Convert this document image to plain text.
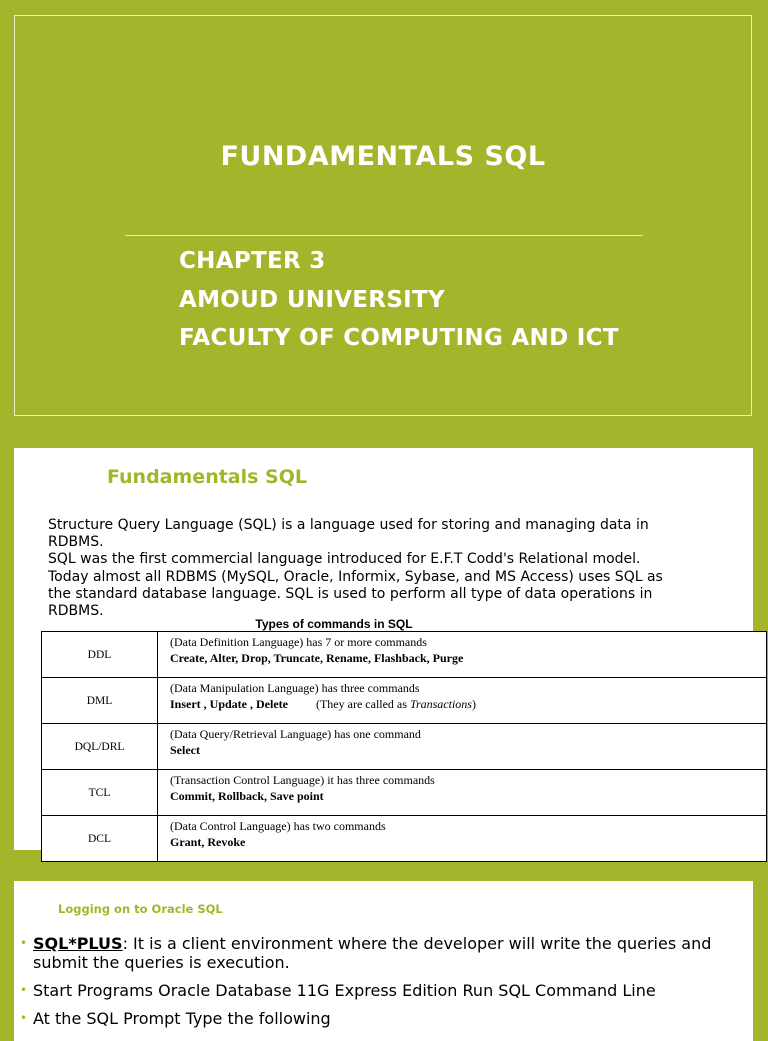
FUNDAMENTALS SQL
CHAPTER 3
AMOUD UNIVERSITY
FACULTY OF COMPUTING AND ICT
Fundamentals SQL
Structure Query Language (SQL) is a language used for storing and managing data in
RDBMS.
SQL was the first commercial language introduced for E.F.T Codd's Relational model.
Today almost all RDBMS (MySQL, Oracle, Informix, Sybase, and MS Access) uses SQL as
the standard database language. SQL is used to perform all type of data operations in
RDBMS.
Types of commands in SQL
DDL	(Data Definition Language) has 7 or more commands
Create, Alter, Drop, Truncate, Rename, Flashback, Purge

DML	(Data Manipulation Language) has three commands
Insert , Update , Delete (They are called as Transactions)

DQL/DRL	(Data Query/Retrieval Language) has one command
Select

TCL	(Transaction Control Language) it has three commands
Commit, Rollback, Save point

DCL	(Data Control Language) has two commands
Grant, Revoke
Logging on to Oracle SQL
• SQL*PLUS: It is a client environment where the developer will write the queries and submit the queries is execution.
• Start Programs Oracle Database 11G Express Edition Run SQL Command Line
• At the SQL Prompt Type the following
